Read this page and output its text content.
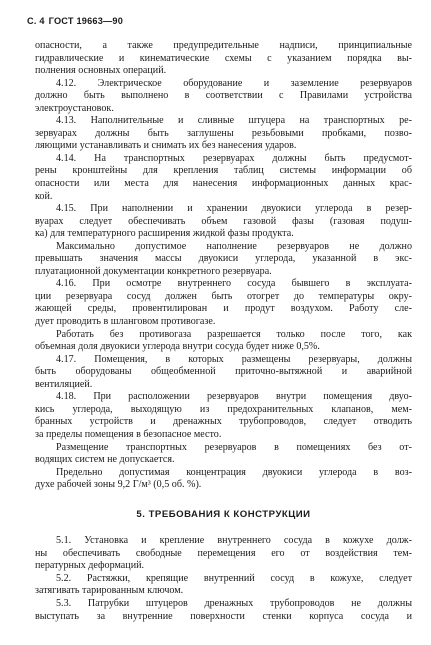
С. 4 ГОСТ 19663—90
опасности, а также предупредительные надписи, принципиальные
гидравлические и кинематические схемы с указанием порядка вы-
полнения основных операций.
4.12. Электрическое оборудование и заземление резервуаров
должно быть выполнено в соответствии с Правилами устройства
электроустановок.
4.13. Наполнительные и сливные штуцера на транспортных ре-
зервуарах должны быть заглушены резьбовыми пробками, позво-
ляющими устанавливать и снимать их без нанесения ударов.
4.14. На транспортных резервуарах должны быть предусмот-
рены кронштейны для крепления таблиц системы информации об
опасности или места для нанесения информационных данных крас-
кой.
4.15. При наполнении и хранении двуокиси углерода в резер-
вуарах следует обеспечивать объем газовой фазы (газовая подуш-
ка) для температурного расширения жидкой фазы продукта.
Максимально допустимое наполнение резервуаров не должно
превышать значения массы двуокиси углерода, указанной в экс-
плуатационной документации конкретного резервуара.
4.16. При осмотре внутреннего сосуда бывшего в эксплуата-
ции резервуара сосуд должен быть отогрет до температуры окру-
жающей среды, провентилирован и продут воздухом. Работу сле-
дует проводить в шланговом противогазе.
Работать без противогаза разрешается только после того, как
объемная доля двуокиси углерода внутри сосуда будет ниже 0,5%.
4.17. Помещения, в которых размещены резервуары, должны
быть оборудованы общеобменной приточно-вытяжной и аварийной
вентиляцией.
4.18. При расположении резервуаров внутри помещения двуо-
кись углерода, выходящую из предохранительных клапанов, мем-
бранных устройств и дренажных трубопроводов, следует отводить
за пределы помещения в безопасное место.
Размещение транспортных резервуаров в помещениях без от-
водящих систем не допускается.
Предельно допустимая концентрация двуокиси углерода в воз-
духе рабочей зоны 9,2 Г/м³ (0,5 об. %).
5. ТРЕБОВАНИЯ К КОНСТРУКЦИИ
5.1. Установка и крепление внутреннего сосуда в кожухе долж-
ны обеспечивать свободные перемещения его от воздействия тем-
пературных деформаций.
5.2. Растяжки, крепящие внутренний сосуд в кожухе, следует
затягивать тарированным ключом.
5.3. Патрубки штуцеров дренажных трубопроводов не должны
выступать за внутренние поверхности стенки корпуса сосуда и
